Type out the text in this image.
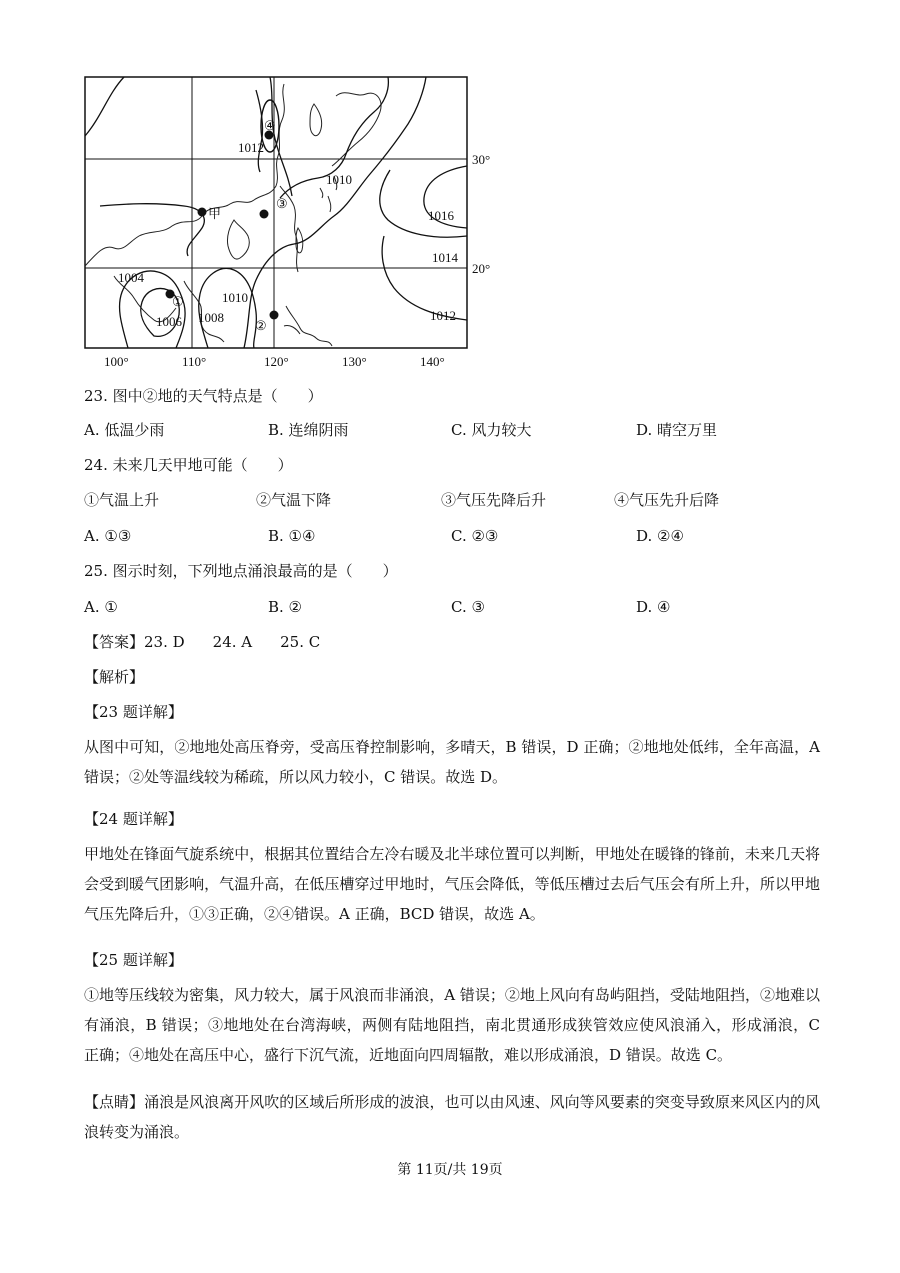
④
甲
③
①
②
1012
1010
1016
1014
1012
1004
1006 1008
1010
100°	110°	120°	130°	140°
30°
20°
23. 图中②地的天气特点是（　　）
A. 低温少雨	B. 连绵阴雨	C. 风力较大	D. 晴空万里
24. 未来几天甲地可能（　　）
①气温上升	②气温下降	③气压先降后升	④气压先升后降
A. ①③	B. ①④	C. ②③	D. ②④
25. 图示时刻，下列地点涌浪最高的是（　　）
A. ①	B. ②	C. ③	D. ④
【答案】23. D 24. A 25. C
【解析】
【23 题详解】
从图中可知，②地地处高压脊旁，受高压脊控制影响，多晴天，B 错误，D 正确；②地地处低纬，全年高温，A 错误；②处等温线较为稀疏，所以风力较小，C 错误。故选 D。
【24 题详解】
甲地处在锋面气旋系统中，根据其位置结合左冷右暖及北半球位置可以判断，甲地处在暖锋的锋前，未来几天将会受到暖气团影响，气温升高，在低压槽穿过甲地时，气压会降低，等低压槽过去后气压会有所上升，所以甲地气压先降后升，①③正确，②④错误。A 正确，BCD 错误，故选 A。
【25 题详解】
①地等压线较为密集，风力较大，属于风浪而非涌浪，A 错误；②地上风向有岛屿阻挡，受陆地阻挡，②地难以有涌浪，B 错误；③地地处在台湾海峡，两侧有陆地阻挡，南北贯通形成狭管效应使风浪涌入，形成涌浪，C 正确；④地处在高压中心，盛行下沉气流，近地面向四周辐散，难以形成涌浪，D 错误。故选 C。
【点睛】涌浪是风浪离开风吹的区域后所形成的波浪，也可以由风速、风向等风要素的突变导致原来风区内的风浪转变为涌浪。
第 11页/共 19页
